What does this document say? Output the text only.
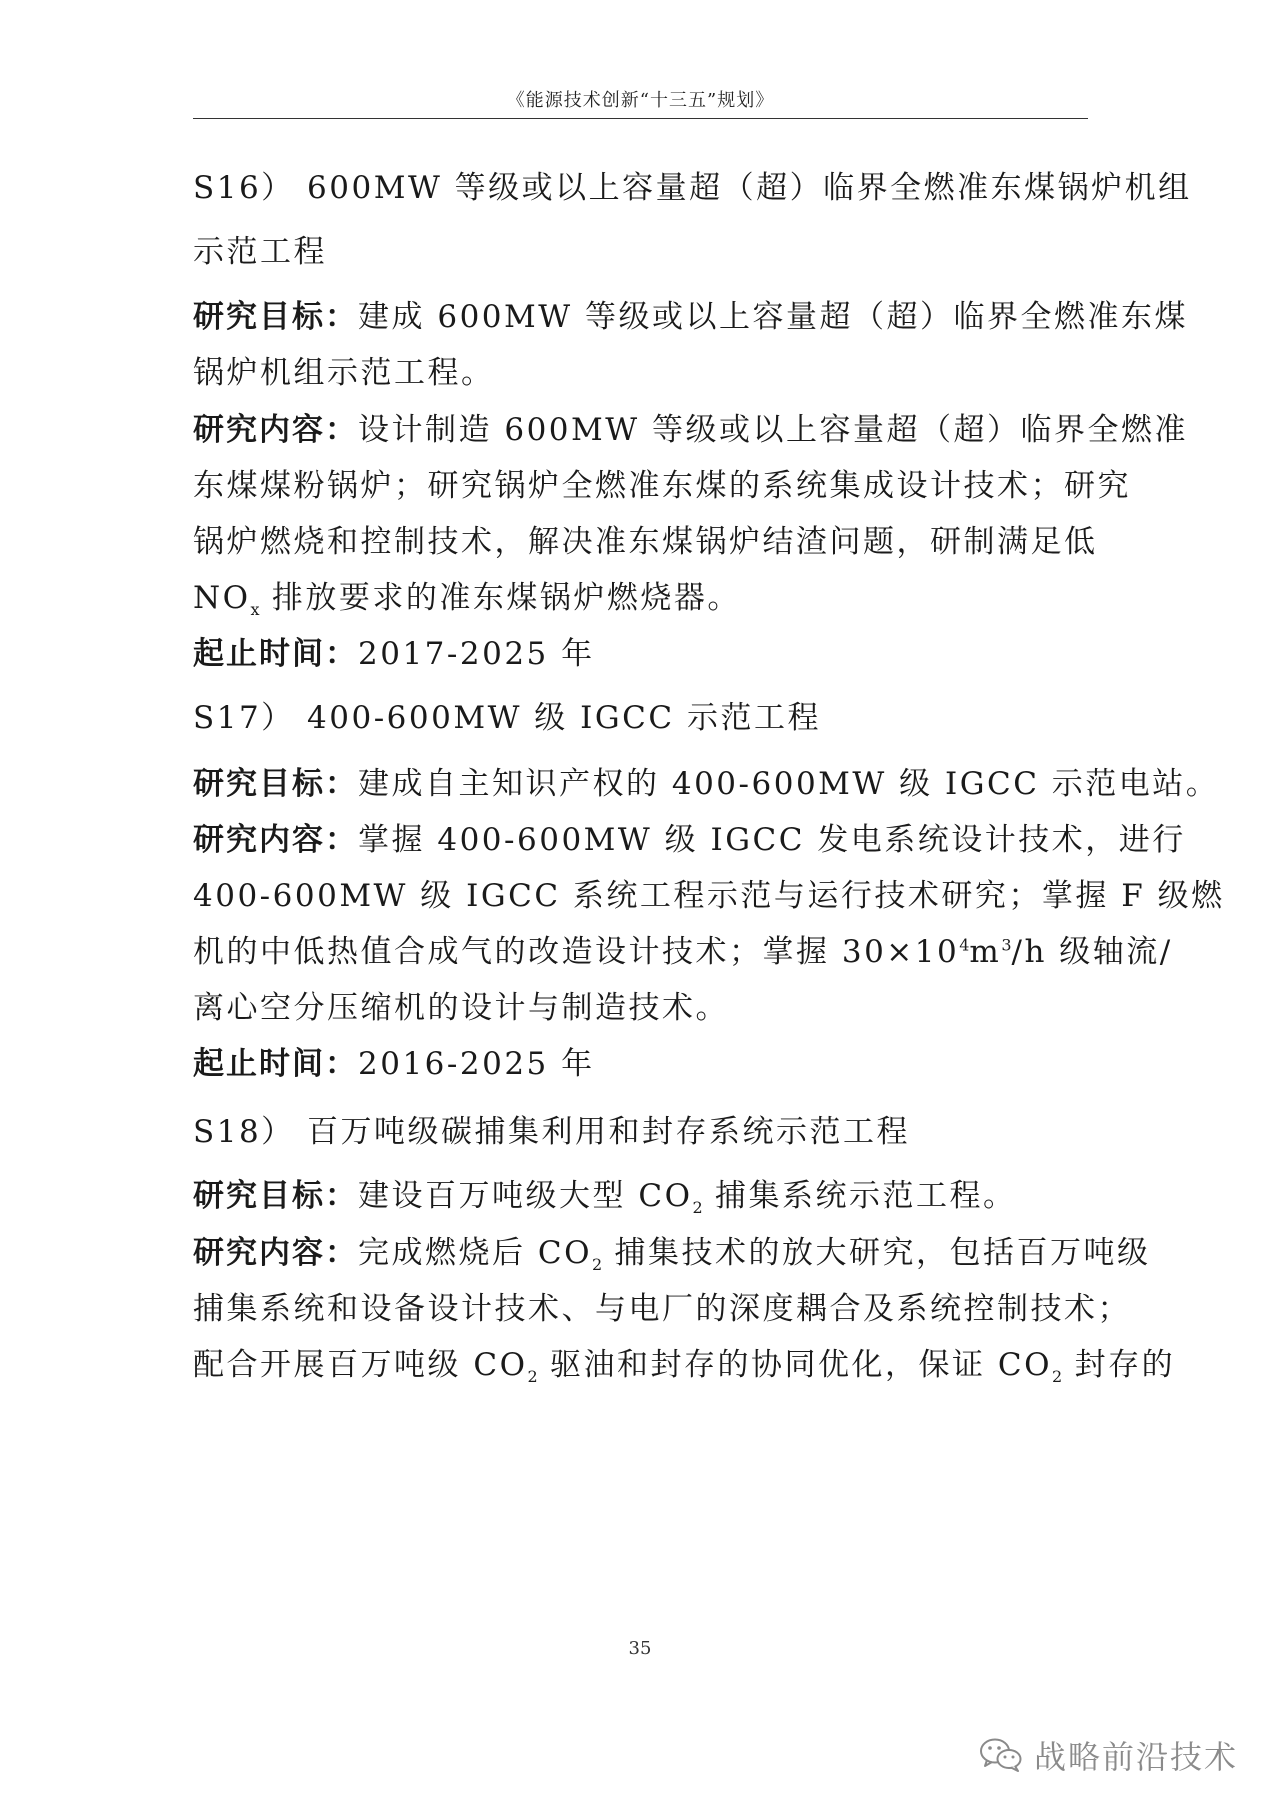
《能源技术创新“十三五”规划》
S16） 600MW 等级或以上容量超（超）临界全燃准东煤锅炉机组
示范工程
研究目标：建成 600MW 等级或以上容量超（超）临界全燃准东煤
锅炉机组示范工程。
研究内容：设计制造 600MW 等级或以上容量超（超）临界全燃准
东煤煤粉锅炉；研究锅炉全燃准东煤的系统集成设计技术；研究
锅炉燃烧和控制技术，解决准东煤锅炉结渣问题，研制满足低
$NO_x$ 排放要求的准东煤锅炉燃烧器。
起止时间：2017-2025 年
S17） 400-600MW 级 IGCC 示范工程
研究目标：建成自主知识产权的 400-600MW 级 IGCC 示范电站。
研究内容：掌握 400-600MW 级 IGCC 发电系统设计技术，进行
400-600MW 级 IGCC 系统工程示范与运行技术研究；掌握 F 级燃
机的中低热值合成气的改造设计技术；掌握 $30\times 10^4m^3/h$ 级轴流/
离心空分压缩机的设计与制造技术。
起止时间：2016-2025 年
S18） 百万吨级碳捕集利用和封存系统示范工程
研究目标：建设百万吨级大型 $CO_2$ 捕集系统示范工程。
研究内容：完成燃烧后 $CO_2$ 捕集技术的放大研究，包括百万吨级
捕集系统和设备设计技术、与电厂的深度耦合及系统控制技术；
配合开展百万吨级 $CO_2$ 驱油和封存的协同优化，保证 $CO_2$ 封存的
35
战略前沿技术
